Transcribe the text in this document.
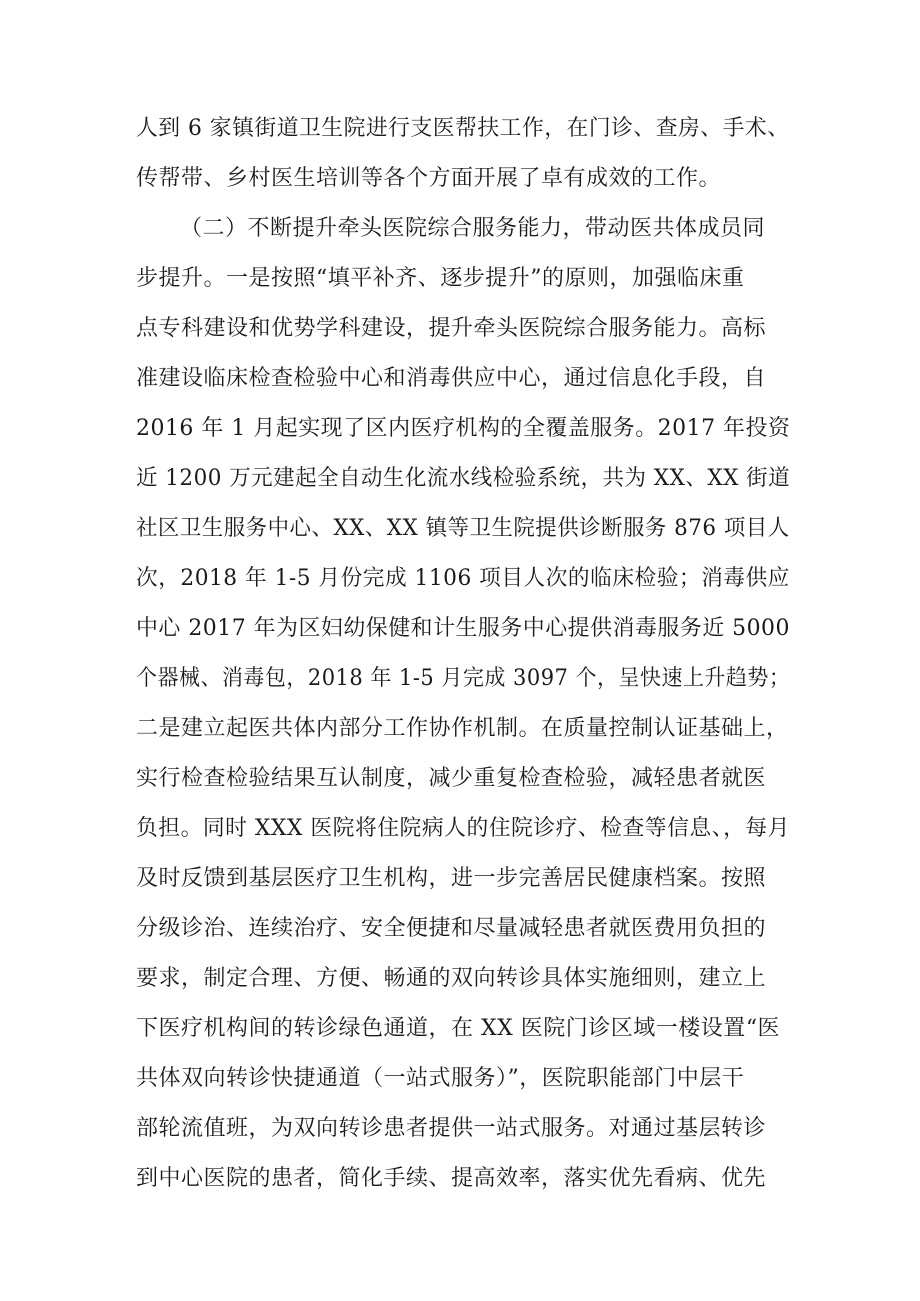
人到 6 家镇街道卫生院进行支医帮扶工作，在门诊、查房、手术、
传帮带、乡村医生培训等各个方面开展了卓有成效的工作。
（二）不断提升牵头医院综合服务能力，带动医共体成员同
步提升。一是按照“填平补齐、逐步提升”的原则，加强临床重
点专科建设和优势学科建设，提升牵头医院综合服务能力。高标
准建设临床检查检验中心和消毒供应中心，通过信息化手段，自
2016 年 1 月起实现了区内医疗机构的全覆盖服务。2017 年投资
近 1200 万元建起全自动生化流水线检验系统，共为 XX、XX 街道
社区卫生服务中心、XX、XX 镇等卫生院提供诊断服务 876 项目人
次，2018 年 1-5 月份完成 1106 项目人次的临床检验；消毒供应
中心 2017 年为区妇幼保健和计生服务中心提供消毒服务近 5000
个器械、消毒包，2018 年 1-5 月完成 3097 个，呈快速上升趋势；
二是建立起医共体内部分工作协作机制。在质量控制认证基础上，
实行检查检验结果互认制度，减少重复检查检验，减轻患者就医
负担。同时 XXX 医院将住院病人的住院诊疗、检查等信息、，每月
及时反馈到基层医疗卫生机构，进一步完善居民健康档案。按照
分级诊治、连续治疗、安全便捷和尽量减轻患者就医费用负担的
要求，制定合理、方便、畅通的双向转诊具体实施细则，建立上
下医疗机构间的转诊绿色通道，在 XX 医院门诊区域一楼设置“医
共体双向转诊快捷通道（一站式服务）”，医院职能部门中层干
部轮流值班，为双向转诊患者提供一站式服务。对通过基层转诊
到中心医院的患者，简化手续、提高效率，落实优先看病、优先
